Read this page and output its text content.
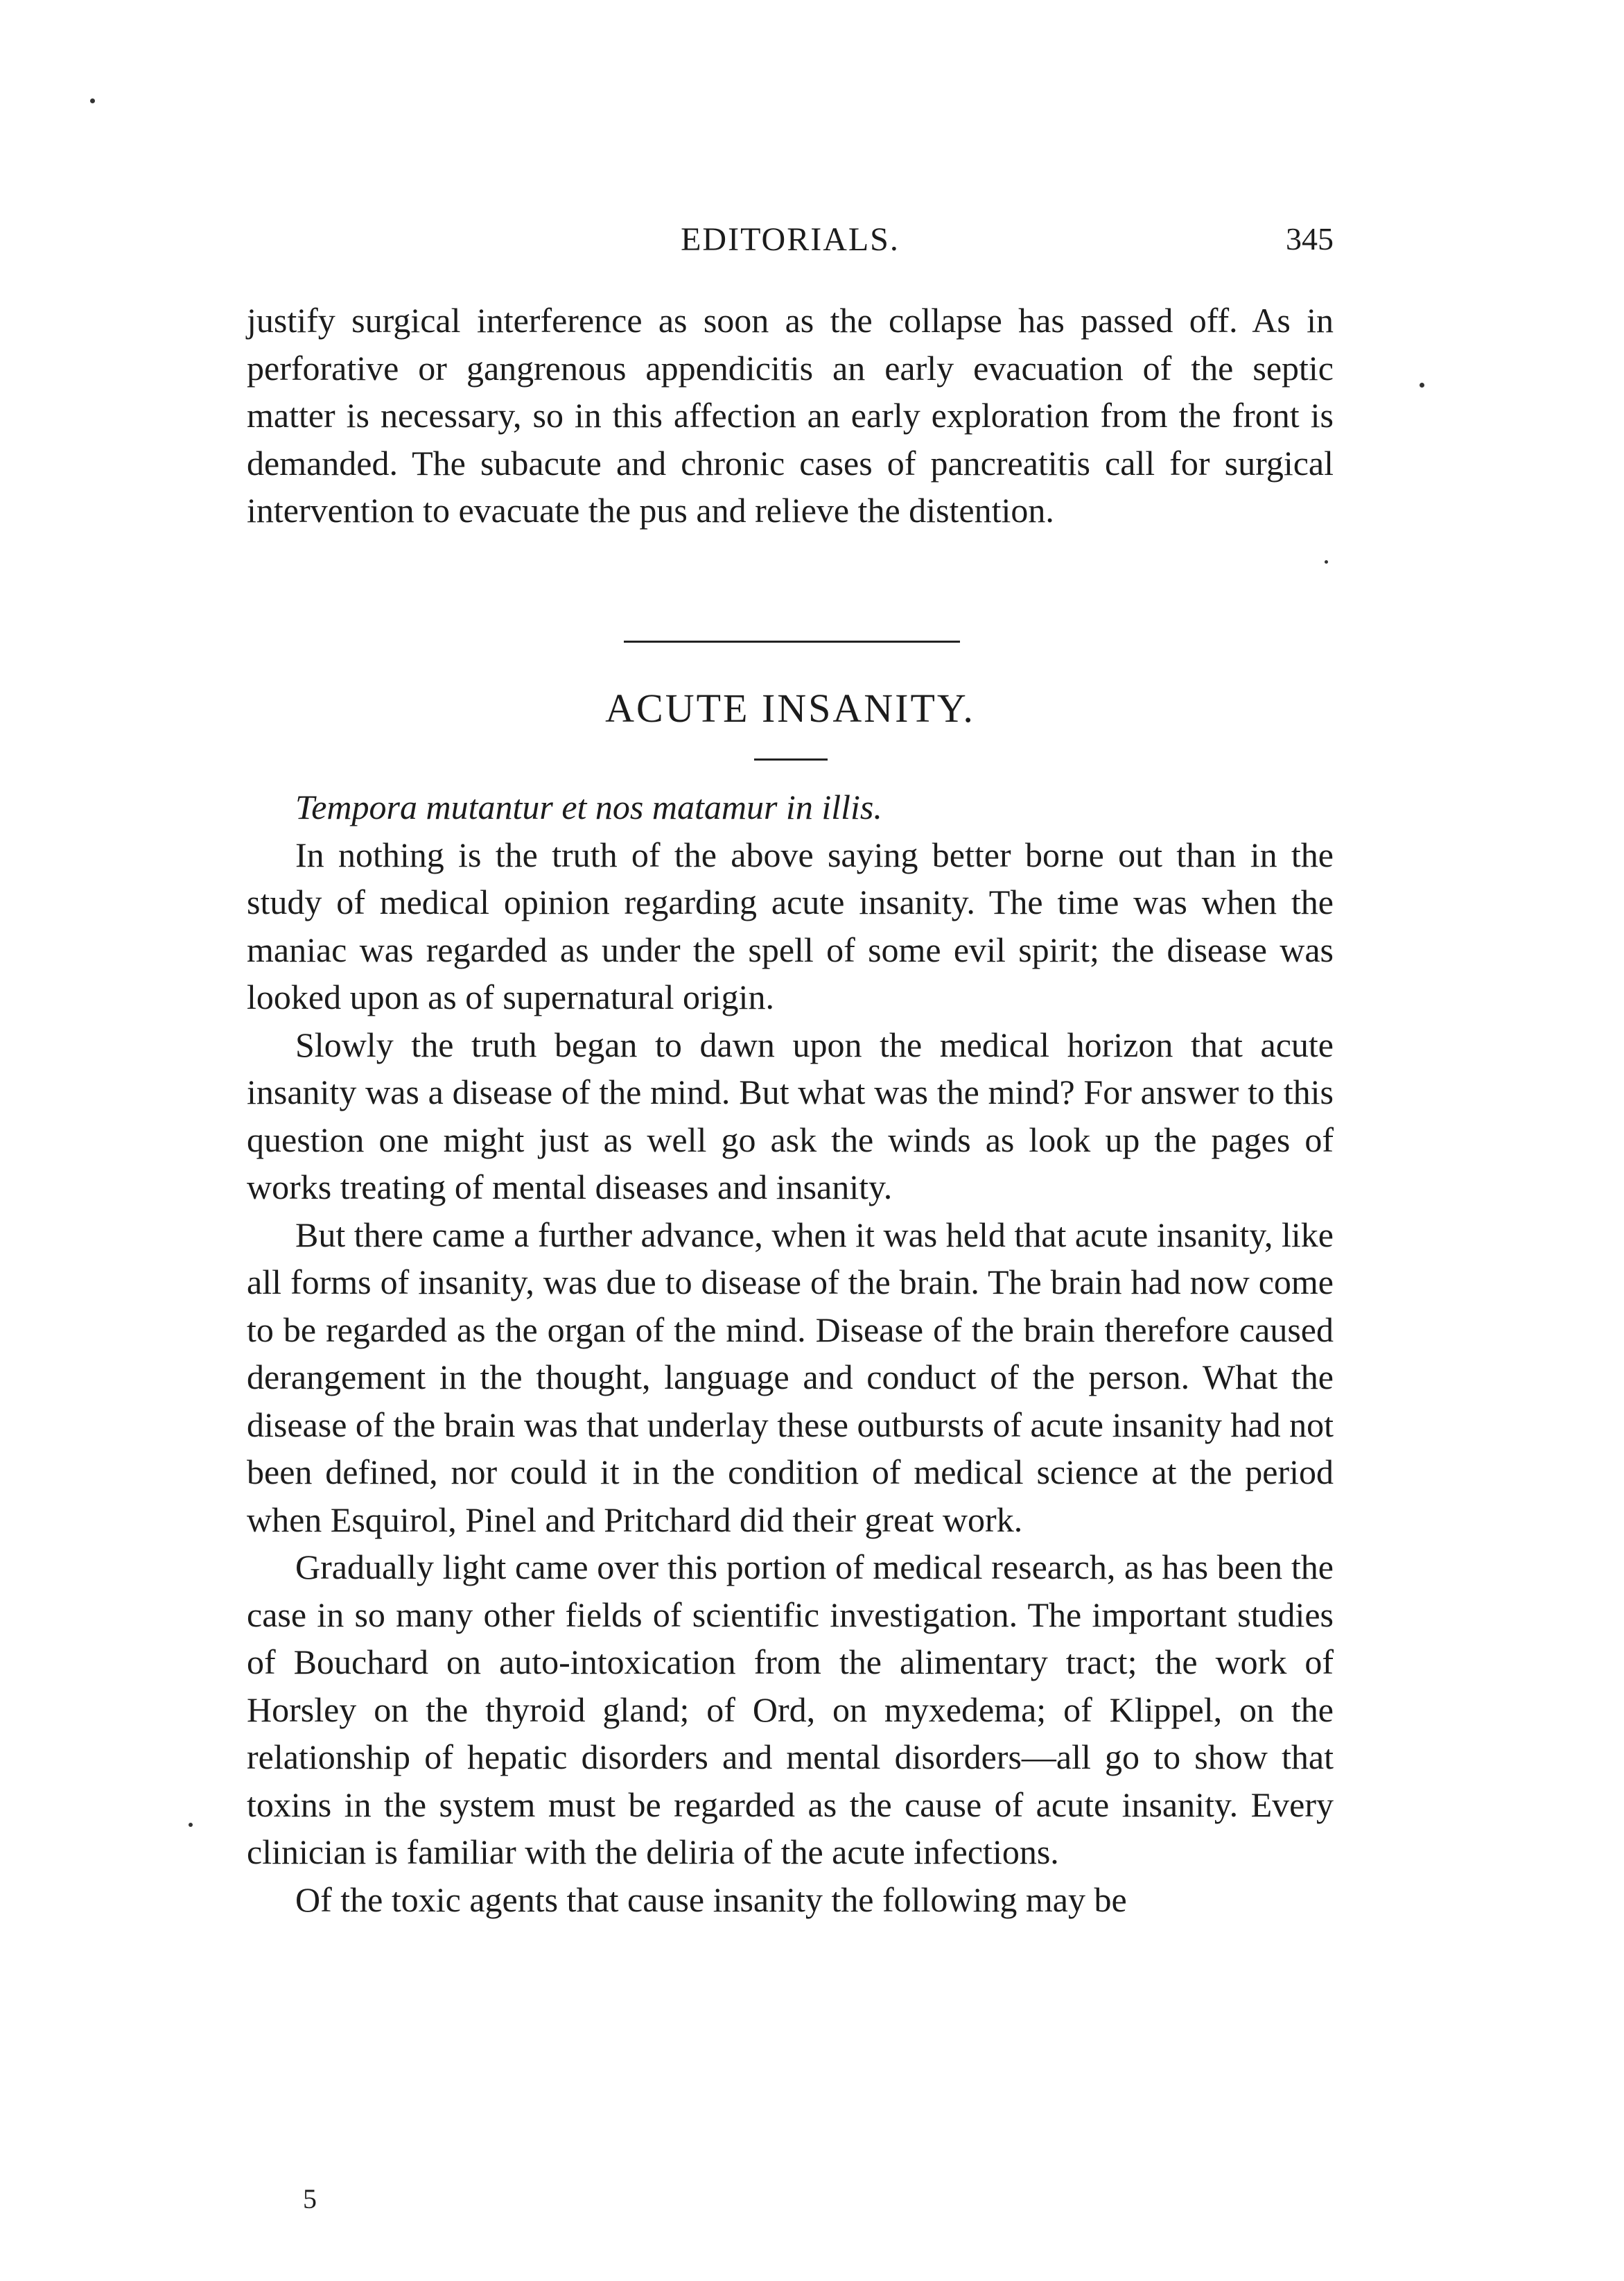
EDITORIALS.	345

justify surgical interference as soon as the collapse has passed off. As in perforative or gangrenous appendicitis an early evacuation of the septic matter is necessary, so in this affection an early exploration from the front is demanded. The subacute and chronic cases of pancreatitis call for surgical intervention to evacuate the pus and relieve the distention.

ACUTE INSANITY.

Tempora mutantur et nos matamur in illis.

In nothing is the truth of the above saying better borne out than in the study of medical opinion regarding acute insanity. The time was when the maniac was regarded as under the spell of some evil spirit; the disease was looked upon as of supernatural origin.

Slowly the truth began to dawn upon the medical horizon that acute insanity was a disease of the mind. But what was the mind? For answer to this question one might just as well go ask the winds as look up the pages of works treating of mental diseases and insanity.

But there came a further advance, when it was held that acute insanity, like all forms of insanity, was due to disease of the brain. The brain had now come to be regarded as the organ of the mind. Disease of the brain therefore caused derangement in the thought, language and conduct of the person. What the disease of the brain was that underlay these outbursts of acute insanity had not been defined, nor could it in the condition of medical science at the period when Esquirol, Pinel and Pritchard did their great work.

Gradually light came over this portion of medical research, as has been the case in so many other fields of scientific investigation. The important studies of Bouchard on auto-intoxication from the alimentary tract; the work of Horsley on the thyroid gland; of Ord, on myxedema; of Klippel, on the relationship of hepatic disorders and mental disorders—all go to show that toxins in the system must be regarded as the cause of acute insanity. Every clinician is familiar with the deliria of the acute infections.

Of the toxic agents that cause insanity the following may be

5
